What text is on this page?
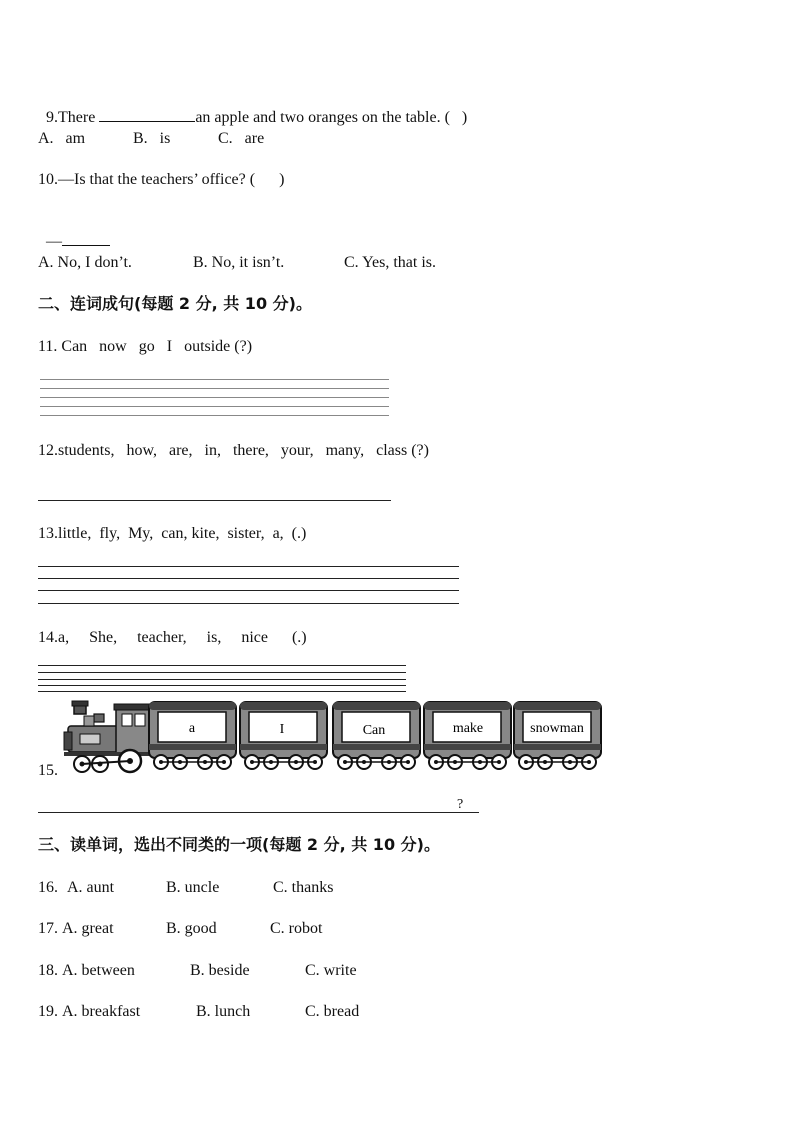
9.There	an apple and two oranges on the table. (   )

A.   am	B.   is	C.   are
10.—Is that the teachers’ office? (      )

—

A. No, I don’t.	B. No, it isn’t.	C. Yes, that is.
二、连词成句(每题 2 分, 共 10 分)。
11. Can   now   go   I   outside (?)
12.students,   how,   are,   in,   there,   your,   many,   class (?)
13.little,  fly,  My,  can, kite,  sister,  a,  (.)
14.a,     She,     teacher,     is,     nice      (.)
15.
a	I	Can	make	snowman
?
三、读单词，选出不同类的一项(每题 2 分, 共 10 分)。
16. A. aunt	B. uncle	C. thanks
17. A. great	B. good	C. robot
18. A. between	B. beside	C. write
19. A. breakfast	B. lunch	C. bread
